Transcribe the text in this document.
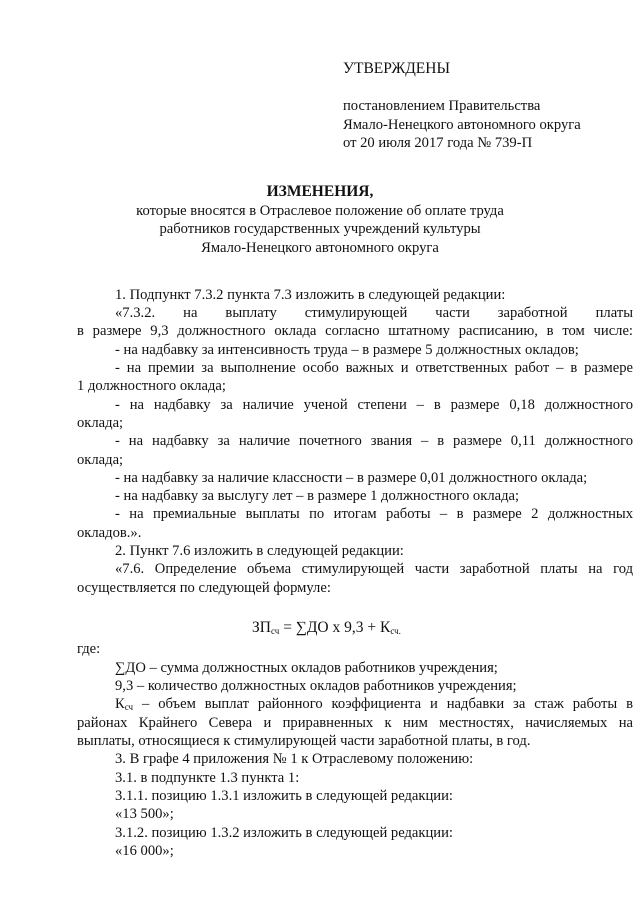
УТВЕРЖДЕНЫ
постановлением Правительства
Ямало-Ненецкого автономного округа
от 20 июля 2017 года № 739-П
ИЗМЕНЕНИЯ,
которые вносятся в Отраслевое положение об оплате труда
работников государственных учреждений культуры
Ямало-Ненецкого автономного округа
1. Подпункт 7.3.2 пункта 7.3 изложить в следующей редакции:
«7.3.2. на выплату стимулирующей части заработной платы
в размере 9,3 должностного оклада согласно штатному расписанию, в том числе:
- на надбавку за интенсивность труда – в размере 5 должностных окладов;
- на премии за выполнение особо важных и ответственных работ – в размере
1 должностного оклада;
- на надбавку за наличие ученой степени – в размере 0,18 должностного
оклада;
- на надбавку за наличие почетного звания – в размере 0,11 должностного
оклада;
- на надбавку за наличие классности – в размере 0,01 должностного оклада;
- на надбавку за выслугу лет – в размере 1 должностного оклада;
- на премиальные выплаты по итогам работы – в размере 2 должностных
окладов.».
2. Пункт 7.6 изложить в следующей редакции:
«7.6. Определение объема стимулирующей части заработной платы на год
осуществляется по следующей формуле:
$ЗП_{сч} = \sum ДО$ х $9,3 + К_{сч.}$
где:
∑ДО – сумма должностных окладов работников учреждения;
9,3 – количество должностных окладов работников учреждения;
$К_{сч}$ – объем выплат районного коэффициента и надбавки за стаж работы в
районах Крайнего Севера и приравненных к ним местностях, начисляемых на
выплаты, относящиеся к стимулирующей части заработной платы, в год.
3. В графе 4 приложения № 1 к Отраслевому положению:
3.1. в подпункте 1.3 пункта 1:
3.1.1. позицию 1.3.1 изложить в следующей редакции:
«13 500»;
3.1.2. позицию 1.3.2 изложить в следующей редакции:
«16 000»;
